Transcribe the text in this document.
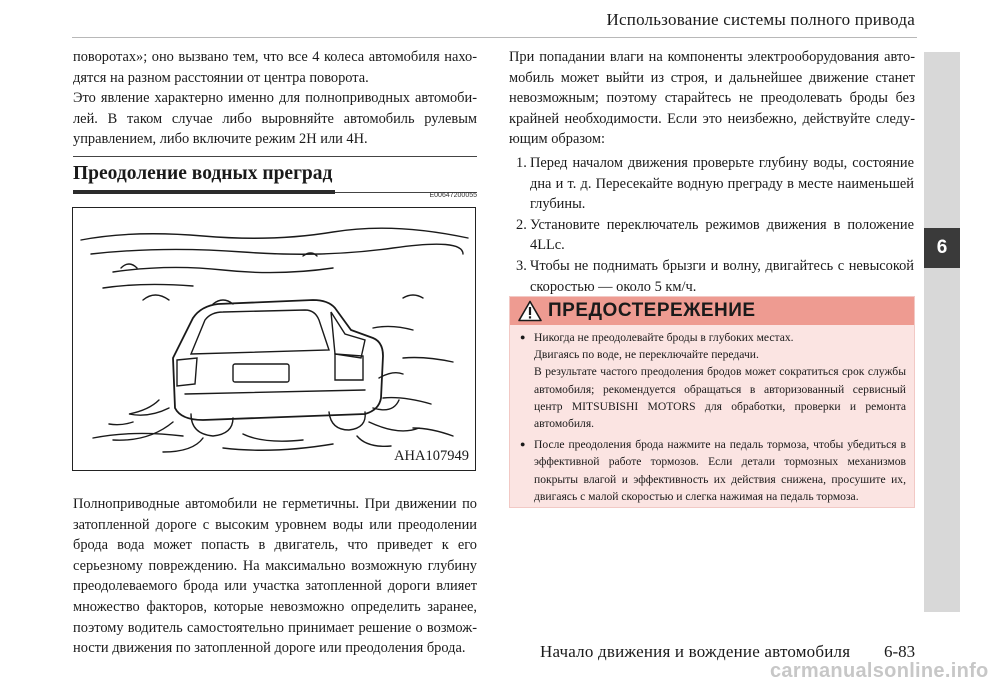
Использование системы полного привода
6

поворотах»; оно вызвано тем, что все 4 колеса автомобиля находятся на разном расстоянии от центра поворота.

Это явление характерно именно для полноприводных автомобилей. В таком случае либо выровняйте автомобиль рулевым управлением, либо включите режим 2H или 4H.

Преодоление водных преград
E00647200055
AHA107949

Полноприводные автомобили не герметичны. При движении по затопленной дороге с высоким уровнем воды или преодолении брода вода может попасть в двигатель, что приведет к его серьезному повреждению. На максимально возможную глубину преодолеваемого брода или участка затопленной дороги влияет множество факторов, которые невозможно определить заранее, поэтому водитель самостоятельно принимает решение о возможности движения по затопленной дороге или преодоления брода.

При попадании влаги на компоненты электрооборудования автомобиль может выйти из строя, и дальнейшее движение станет невозможным; поэтому старайтесь не преодолевать броды без крайней необходимости. Если это неизбежно, действуйте следующим образом:

1. Перед началом движения проверьте глубину воды, состояние дна и т. д. Пересекайте водную преграду в месте наименьшей глубины.
2. Установите переключатель режимов движения в положение 4LLc.
3. Чтобы не поднимать брызги и волну, двигайтесь с невысокой скоростью — около 5 км/ч.
ПРЕДОСТЕРЕЖЕНИЕ
● Никогда не преодолевайте броды в глубоких местах.

Двигаясь по воде, не переключайте передачи.

В результате частого преодоления бродов может сократиться срок службы автомобиля; рекомендуется обращаться в авторизованный сервисный центр MITSUBISHI MOTORS для обработки, проверки и ремонта автомобиля.

● После преодоления брода нажмите на педаль тормоза, чтобы убедиться в эффективной работе тормозов. Если детали тормозных механизмов покрыты влагой и эффективность их действия снижена, просушите их, двигаясь с малой скоростью и слегка нажимая на педаль тормоза.

Начало движения и вождение автомобиля 6-83
carmanualsonline.info
